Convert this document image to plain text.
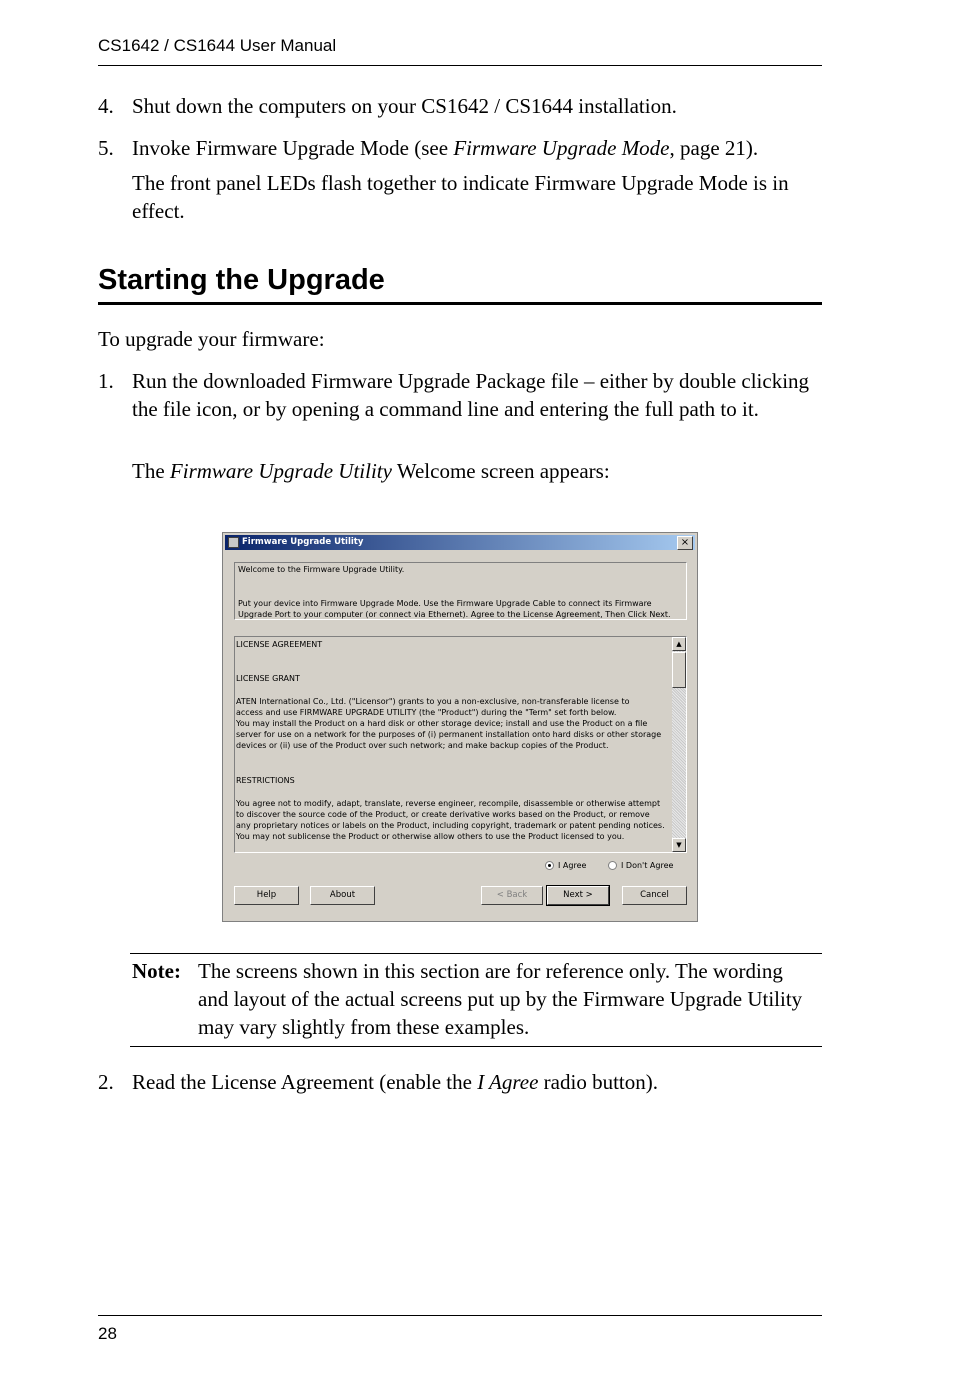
CS1642 / CS1644 User Manual
4. Shut down the computers on your CS1642 / CS1644 installation.
5. Invoke Firmware Upgrade Mode (see Firmware Upgrade Mode, page 21).
The front panel LEDs flash together to indicate Firmware Upgrade Mode is in effect.
Starting the Upgrade
To upgrade your firmware:
1. Run the downloaded Firmware Upgrade Package file – either by double clicking the file icon, or by opening a command line and entering the full path to it.
The Firmware Upgrade Utility Welcome screen appears:
Firmware Upgrade Utility	×
Welcome to the Firmware Upgrade Utility.
Put your device into Firmware Upgrade Mode. Use the Firmware Upgrade Cable to connect its Firmware
Upgrade Port to your computer (or connect via Ethernet). Agree to the License Agreement, Then Click Next.
LICENSE AGREEMENT
LICENSE GRANT
ATEN International Co., Ltd. ("Licensor") grants to you a non-exclusive, non-transferable license to
access and use FIRMWARE UPGRADE UTILITY (the "Product") during the "Term" set forth below.
You may install the Product on a hard disk or other storage device; install and use the Product on a file
server for use on a network for the purposes of (i) permanent installation onto hard disks or other storage
devices or (ii) use of the Product over such network; and make backup copies of the Product.
RESTRICTIONS
You agree not to modify, adapt, translate, reverse engineer, recompile, disassemble or otherwise attempt
to discover the source code of the Product, or create derivative works based on the Product, or remove
any proprietary notices or labels on the Product, including copyright, trademark or patent pending notices.
You may not sublicense the Product or otherwise allow others to use the Product licensed to you.
▲
▼
I Agree	I Don't Agree
Help	About	< Back	Next >	Cancel
Note: The screens shown in this section are for reference only. The wording and layout of the actual screens put up by the Firmware Upgrade Utility may vary slightly from these examples.
2. Read the License Agreement (enable the I Agree radio button).
28
